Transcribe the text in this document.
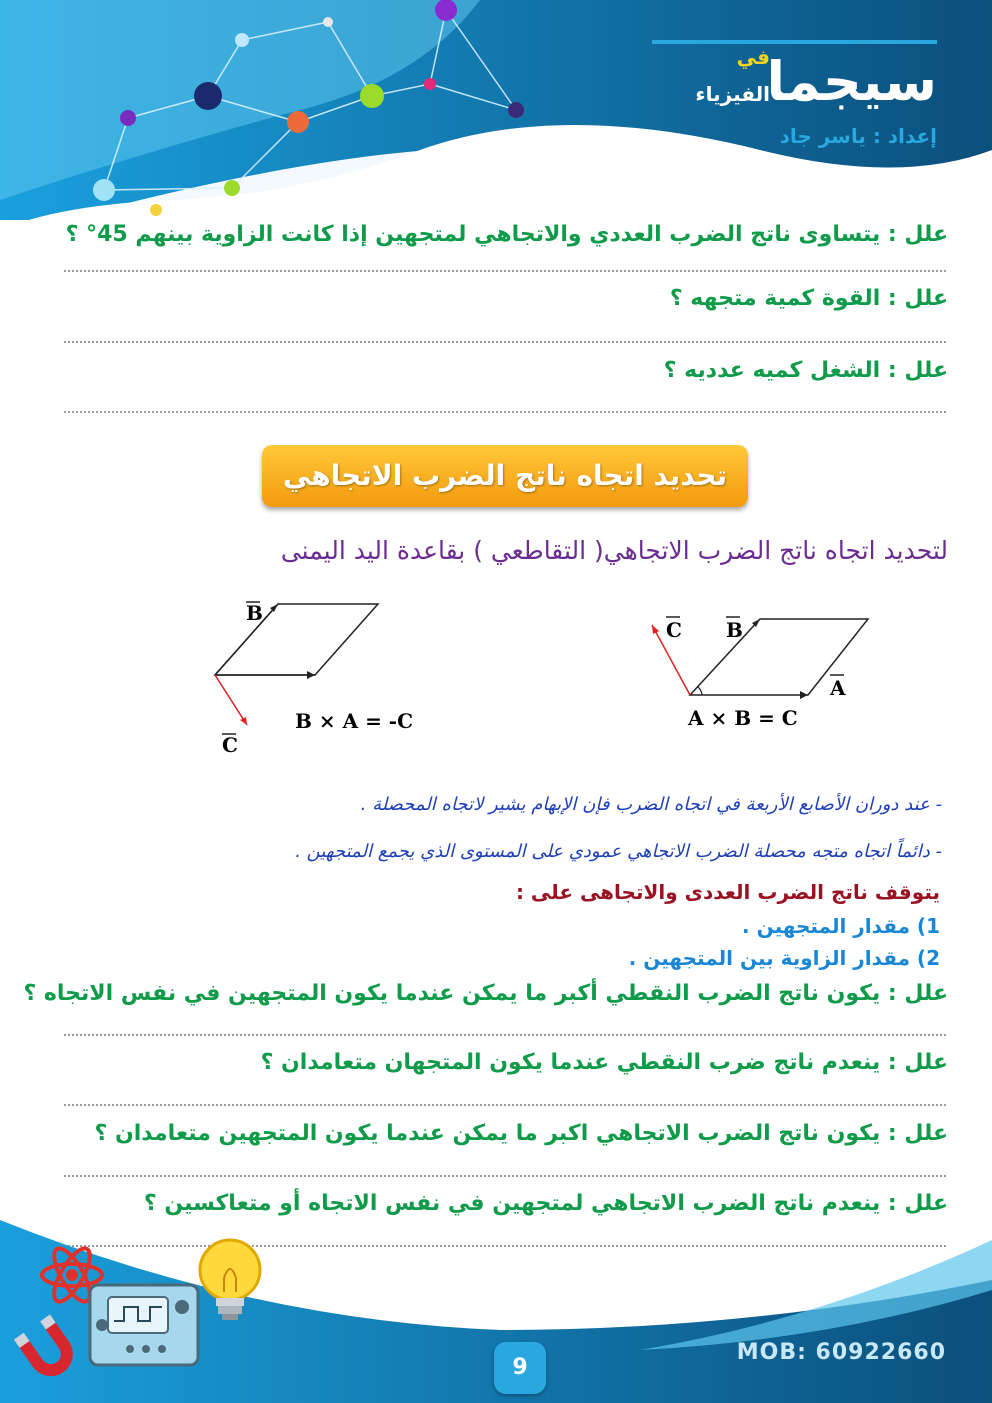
في
الفيزياء
سيجما
إعداد : ياسر جاد
علل : يتساوى ناتج الضرب العددي والاتجاهي لمتجهين إذا كانت الزاوية بينهم 45° ؟
علل : القوة كمية متجهه ؟
علل : الشغل كميه عدديه ؟
تحديد اتجاه ناتج الضرب الاتجاهي
لتحديد اتجاه ناتج الضرب الاتجاهي( التقاطعي ) بقاعدة اليد اليمنى
B
C
B × A = -C
C B
A
A × B = C
- عند دوران الأصابع الأربعة في اتجاه الضرب فإن الإبهام يشير لاتجاه المحصلة .
- دائماً اتجاه متجه محصلة الضرب الاتجاهي عمودي على المستوى الذي يجمع المتجهين .
يتوقف ناتج الضرب العددى والاتجاهى على :
1) مقدار المتجهين .
2) مقدار الزاوية بين المتجهين .
علل : يكون ناتج الضرب النقطي أكبر ما يمكن عندما يكون المتجهين في نفس الاتجاه ؟
علل : ينعدم ناتج ضرب النقطي عندما يكون المتجهان متعامدان ؟
علل : يكون ناتج الضرب الاتجاهي اكبر ما يمكن عندما يكون المتجهين متعامدان ؟
علل : ينعدم ناتج الضرب الاتجاهي لمتجهين في نفس الاتجاه أو متعاكسين ؟
9
MOB: 60922660
